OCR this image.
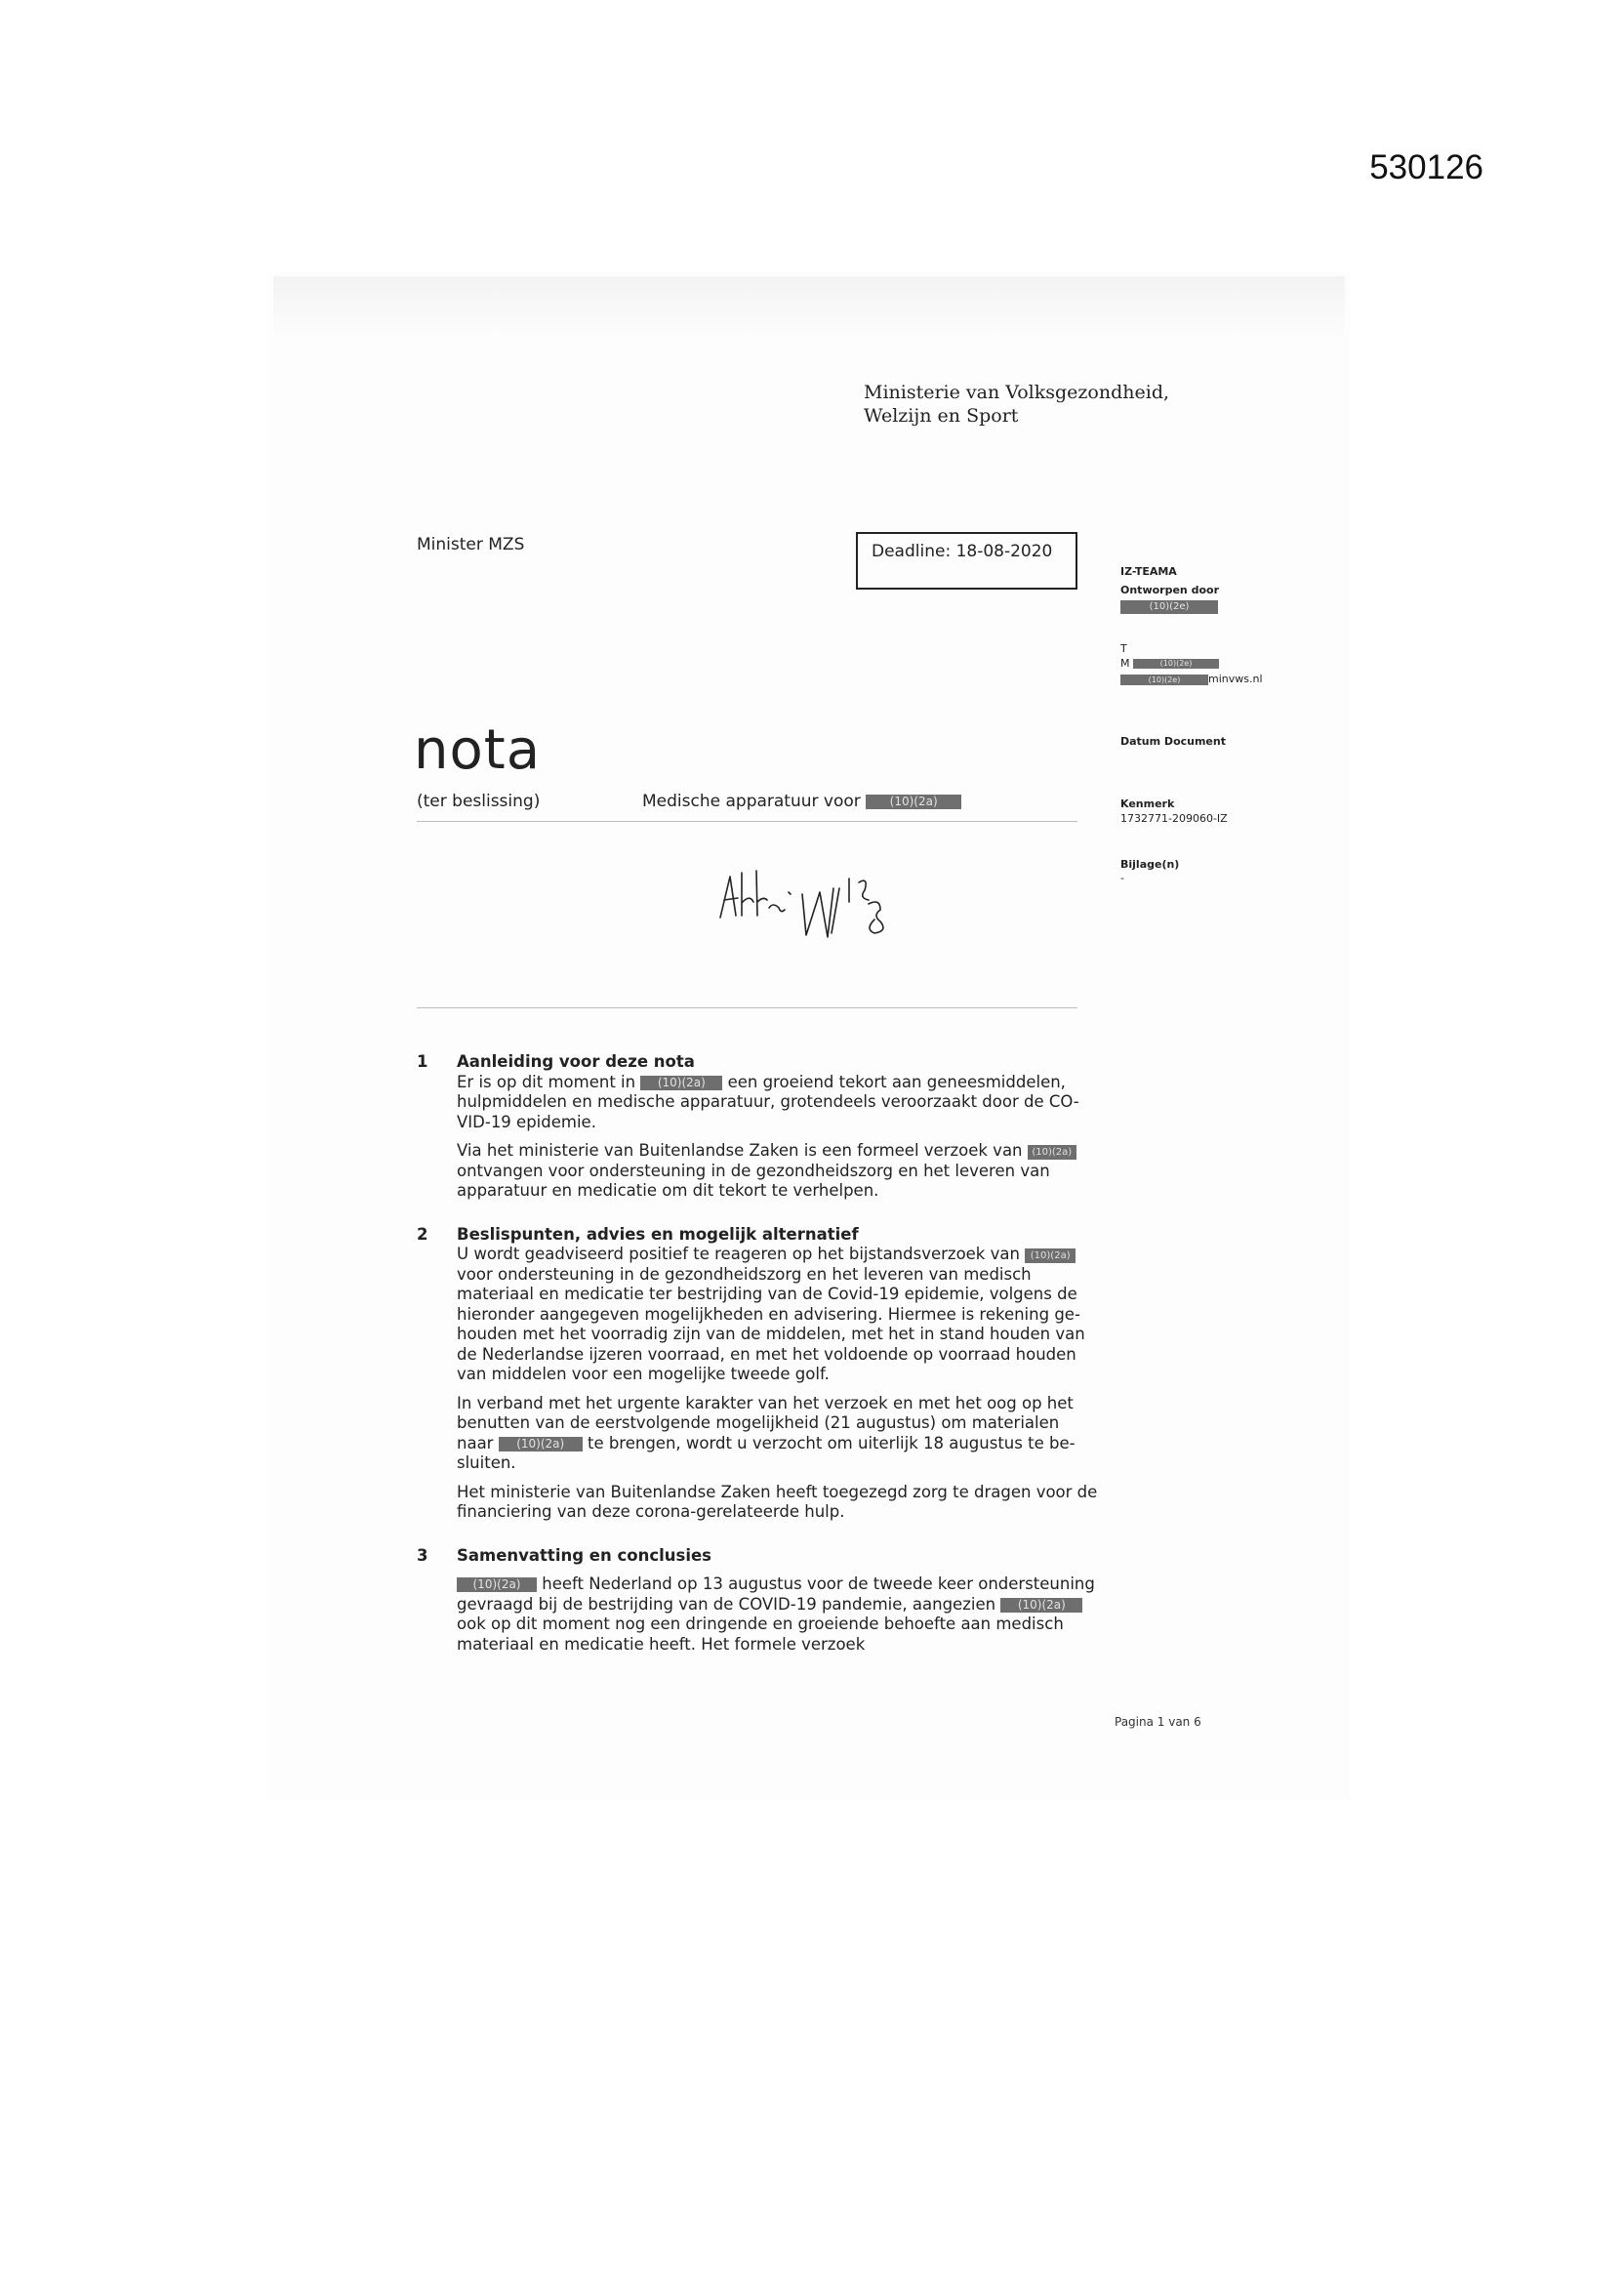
530126
Ministerie van Volksgezondheid,
Welzijn en Sport
Minister MZS	Deadline: 18-08-2020
IZ-TEAMA
Ontworpen door
(10)(2e)
T
M	(10)(2e)
(10)(2e)	minvws.nl
Datum Document
Kenmerk
1732771-209060-IZ
Bijlage(n)
-
nota
(ter beslissing)	Medische apparatuur voor (10)(2a)
1 Aanleiding voor deze nota
Er is op dit moment in (10)(2a) een groeiend tekort aan geneesmiddelen, hulpmiddelen en medische apparatuur, grotendeels veroorzaakt door de CO-VID-19 epidemie.
Via het ministerie van Buitenlandse Zaken is een formeel verzoek van (10)(2a) ontvangen voor ondersteuning in de gezondheidszorg en het leveren van apparatuur en medicatie om dit tekort te verhelpen.
2 Beslispunten, advies en mogelijk alternatief
U wordt geadviseerd positief te reageren op het bijstandsverzoek van (10)(2a) voor ondersteuning in de gezondheidszorg en het leveren van medisch materiaal en medicatie ter bestrijding van de Covid-19 epidemie, volgens de hieronder aangegeven mogelijkheden en advisering. Hiermee is rekening ge-houden met het voorradig zijn van de middelen, met het in stand houden van de Nederlandse ijzeren voorraad, en met het voldoende op voorraad houden van middelen voor een mogelijke tweede golf.
In verband met het urgente karakter van het verzoek en met het oog op het benutten van de eerstvolgende mogelijkheid (21 augustus) om materialen naar (10)(2a) te brengen, wordt u verzocht om uiterlijk 18 augustus te be-sluiten.
Het ministerie van Buitenlandse Zaken heeft toegezegd zorg te dragen voor de financiering van deze corona-gerelateerde hulp.
3 Samenvatting en conclusies
(10)(2a) heeft Nederland op 13 augustus voor de tweede keer ondersteuning gevraagd bij de bestrijding van de COVID-19 pandemie, aangezien (10)(2a) ook op dit moment nog een dringende en groeiende behoefte aan medisch materiaal en medicatie heeft. Het formele verzoek
Pagina 1 van 6
